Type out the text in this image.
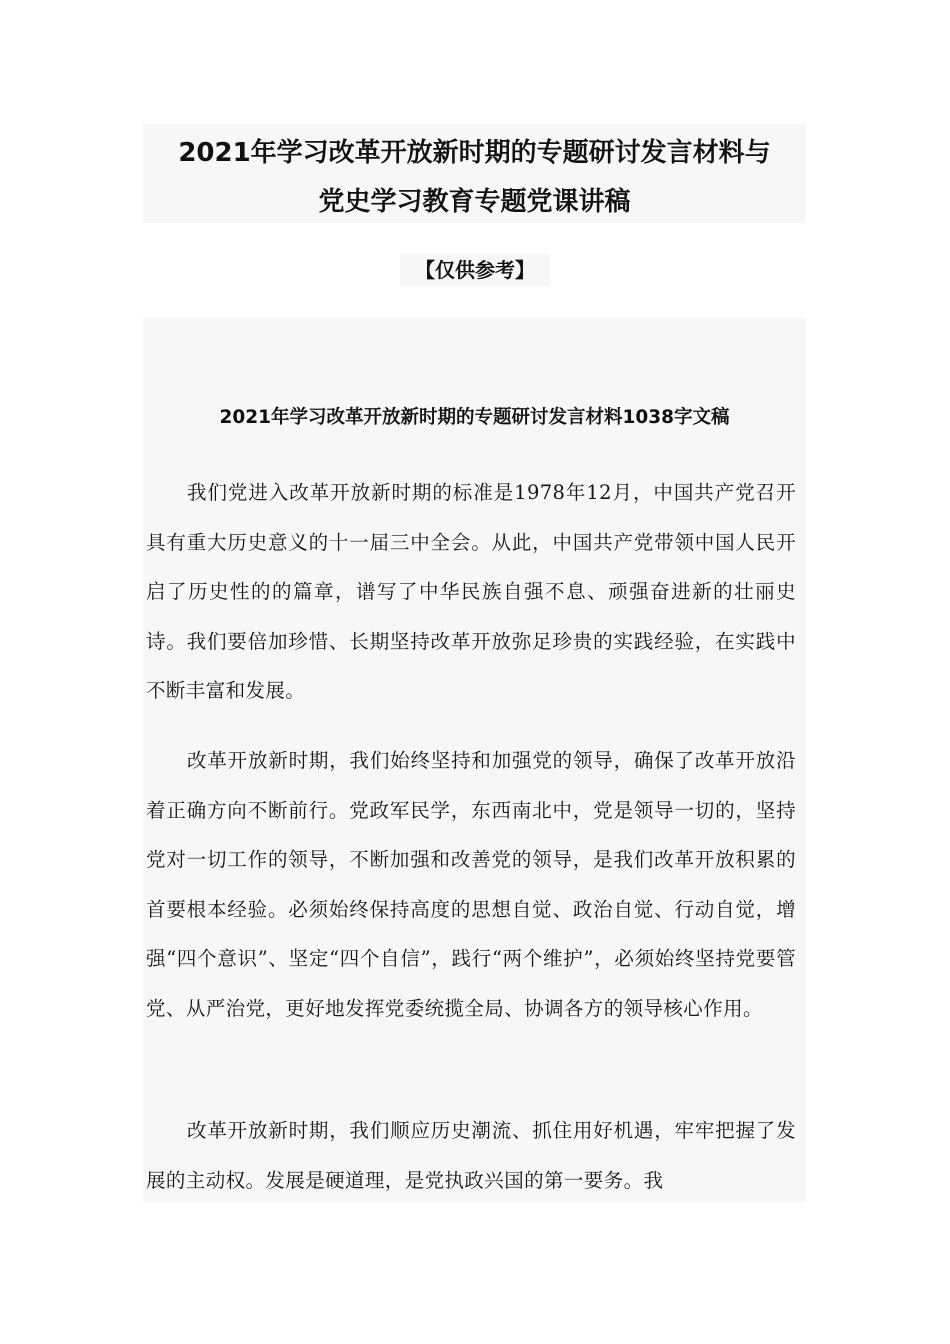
2021年学习改革开放新时期的专题研讨发言材料与
党史学习教育专题党课讲稿
【仅供参考】
2021年学习改革开放新时期的专题研讨发言材料1038字文稿

我们党进入改革开放新时期的标准是1978年12月，中国共产党召开具有重大历史意义的十一届三中全会。从此，中国共产党带领中国人民开启了历史性的的篇章，谱写了中华民族自强不息、顽强奋进新的壮丽史诗。我们要倍加珍惜、长期坚持改革开放弥足珍贵的实践经验，在实践中不断丰富和发展。

改革开放新时期，我们始终坚持和加强党的领导，确保了改革开放沿着正确方向不断前行。党政军民学，东西南北中，党是领导一切的，坚持党对一切工作的领导，不断加强和改善党的领导，是我们改革开放积累的首要根本经验。必须始终保持高度的思想自觉、政治自觉、行动自觉，增强“四个意识”、坚定“四个自信”，践行“两个维护”，必须始终坚持党要管党、从严治党，更好地发挥党委统揽全局、协调各方的领导核心作用。

改革开放新时期，我们顺应历史潮流、抓住用好机遇，牢牢把握了发展的主动权。发展是硬道理，是党执政兴国的第一要务。我
